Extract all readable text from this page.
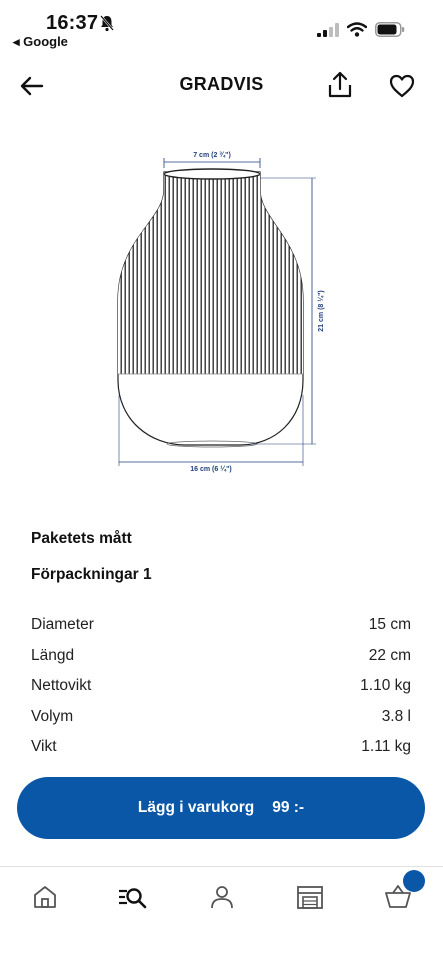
16:37
◂ Google
GRADVIS
7 cm (2 ¾")
21 cm (8 ¼")
16 cm (6 ¼")
Paketets mått
Förpackningar 1
Diameter	15 cm
Längd	22 cm
Nettovikt	1.10 kg
Volym	3.8 l
Vikt	1.11 kg
Lägg i varukorg 99 :-
